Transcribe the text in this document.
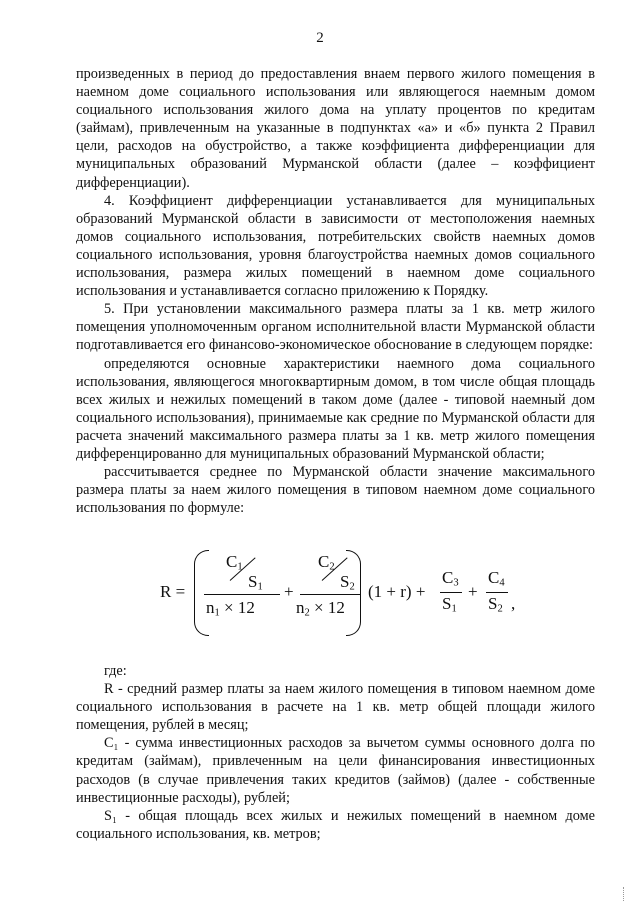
2

произведенных в период до предоставления внаем первого жилого помещения в наемном доме социального использования или являющегося наемным домом социального использования жилого дома на уплату процентов по кредитам (займам), привлеченным на указанные в подпунктах «а» и «б» пункта 2 Правил цели, расходов на обустройство, а также коэффициента дифференциации для муниципальных образований Мурманской области (далее – коэффициент дифференциации).

4. Коэффициент дифференциации устанавливается для муниципальных образований Мурманской области в зависимости от местоположения наемных домов социального использования, потребительских свойств наемных домов социального использования, уровня благоустройства наемных домов социального использования, размера жилых помещений в наемном доме социального использования и устанавливается согласно приложению к Порядку.

5. При установлении максимального размера платы за 1 кв. метр жилого помещения уполномоченным органом исполнительной власти Мурманской области подготавливается его финансово-экономическое обоснование в следующем порядке:

определяются основные характеристики наемного дома социального использования, являющегося многоквартирным домом, в том числе общая площадь всех жилых и нежилых помещений в таком доме (далее - типовой наемный дом социального использования), принимаемые как средние по Мурманской области для расчета значений максимального размера платы за 1 кв. метр жилого помещения дифференцированно для муниципальных образований Мурманской области;

рассчитывается среднее по Мурманской области значение максимального размера платы за наем жилого помещения в типовом наемном доме социального использования по формуле:

R =
$C_1$
$S_1$
$n_1 \times 12$
+
$C_2$
$S_2$
$n_2 \times 12$
(1 + r) +
$C_3$
$S_1$
+
$C_4$
$S_2$ ,

где:

R - средний размер платы за наем жилого помещения в типовом наемном доме социального использования в расчете на 1 кв. метр общей площади жилого помещения, рублей в месяц;

C₁ - сумма инвестиционных расходов за вычетом суммы основного долга по кредитам (займам), привлеченным на цели финансирования инвестиционных расходов (в случае привлечения таких кредитов (займов) (далее - собственные инвестиционные расходы), рублей;

S₁ - общая площадь всех жилых и нежилых помещений в наемном доме социального использования, кв. метров;
